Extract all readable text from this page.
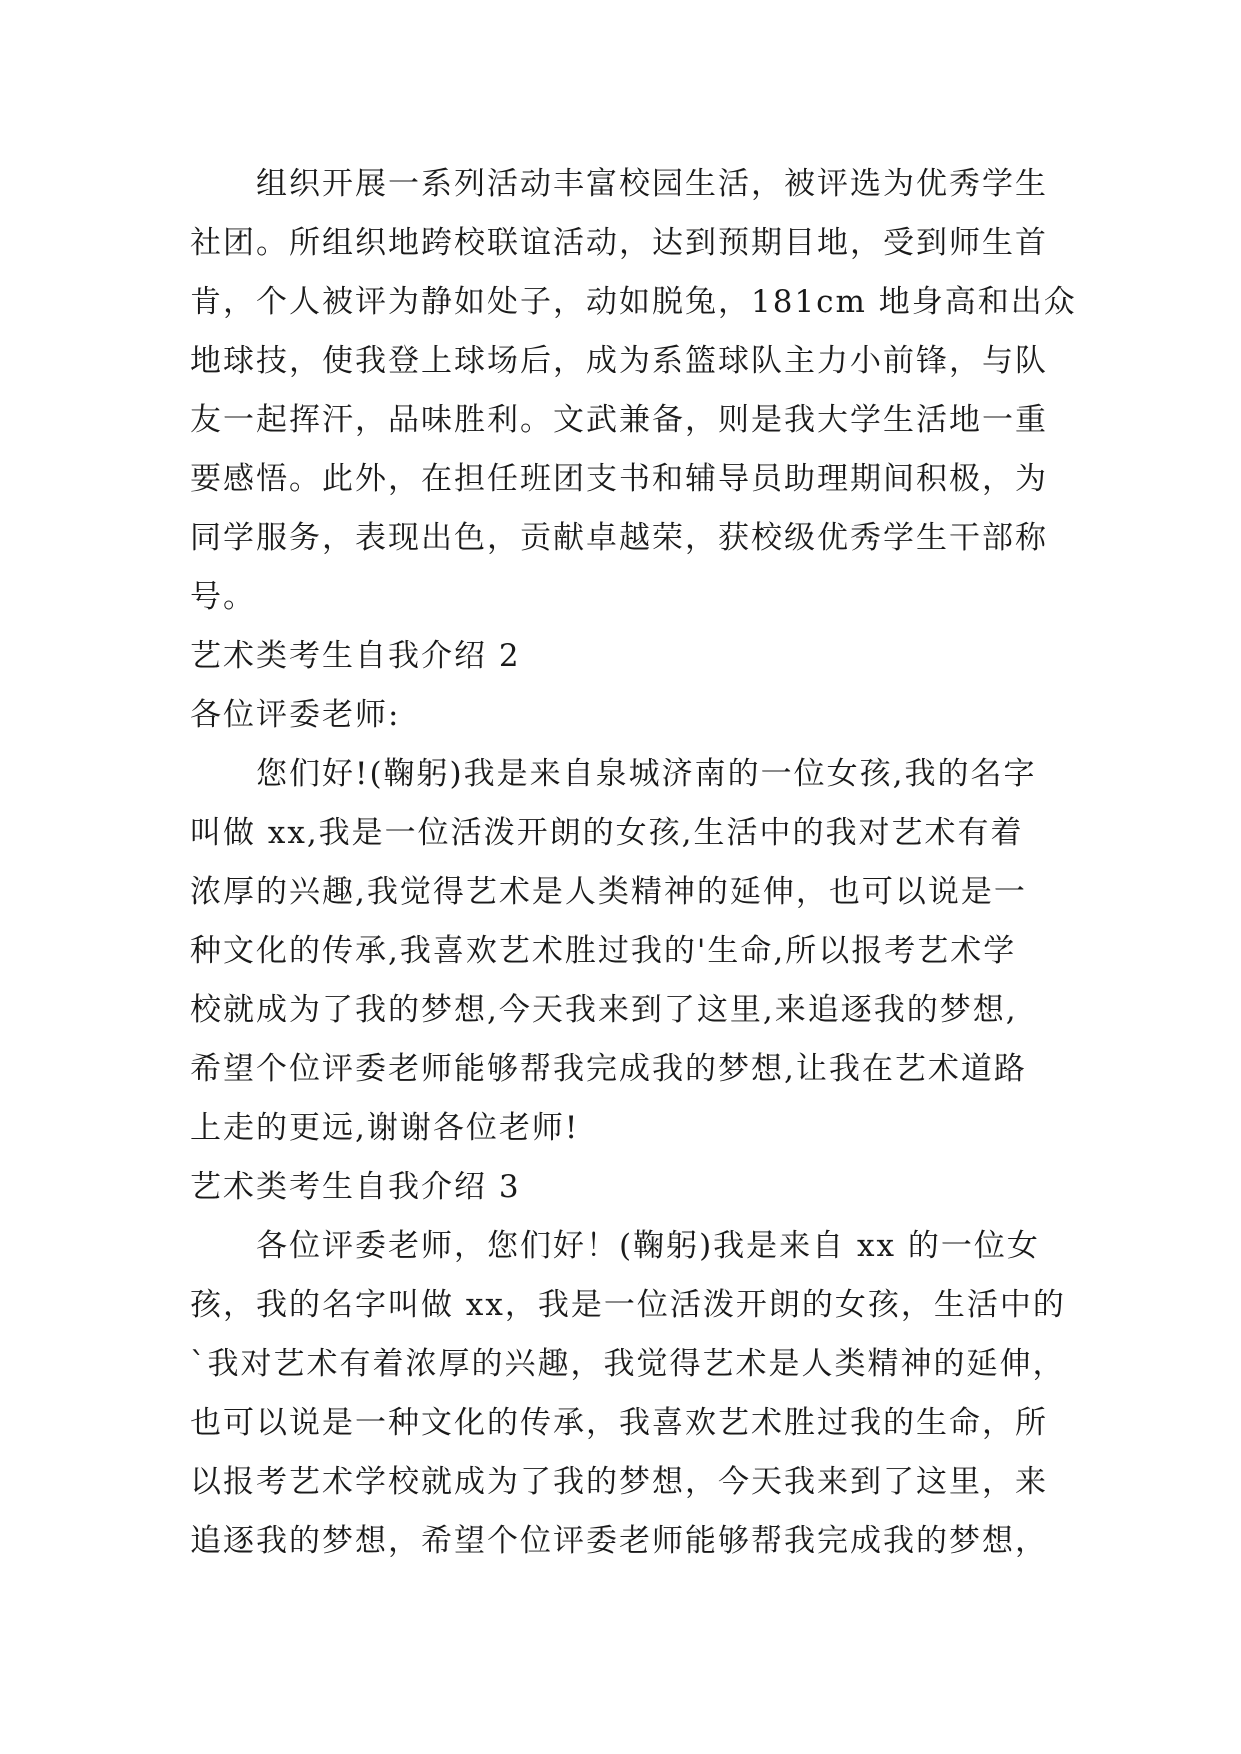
组织开展一系列活动丰富校园生活，被评选为优秀学生
社团。所组织地跨校联谊活动，达到预期目地，受到师生首
肯，个人被评为静如处子，动如脱兔，181cm 地身高和出众
地球技，使我登上球场后，成为系篮球队主力小前锋，与队
友一起挥汗，品味胜利。文武兼备，则是我大学生活地一重
要感悟。此外，在担任班团支书和辅导员助理期间积极，为
同学服务，表现出色，贡献卓越荣，获校级优秀学生干部称
号。
艺术类考生自我介绍 2
各位评委老师:
您们好!(鞠躬)我是来自泉城济南的一位女孩,我的名字
叫做 xx,我是一位活泼开朗的女孩,生活中的我对艺术有着
浓厚的兴趣,我觉得艺术是人类精神的延伸，也可以说是一
种文化的传承,我喜欢艺术胜过我的'生命,所以报考艺术学
校就成为了我的梦想,今天我来到了这里,来追逐我的梦想,
希望个位评委老师能够帮我完成我的梦想,让我在艺术道路
上走的更远,谢谢各位老师!
艺术类考生自我介绍 3
各位评委老师，您们好！(鞠躬)我是来自 xx 的一位女
孩，我的名字叫做 xx，我是一位活泼开朗的女孩，生活中的
`我对艺术有着浓厚的兴趣，我觉得艺术是人类精神的延伸，
也可以说是一种文化的传承，我喜欢艺术胜过我的生命，所
以报考艺术学校就成为了我的梦想，今天我来到了这里，来
追逐我的梦想，希望个位评委老师能够帮我完成我的梦想，
